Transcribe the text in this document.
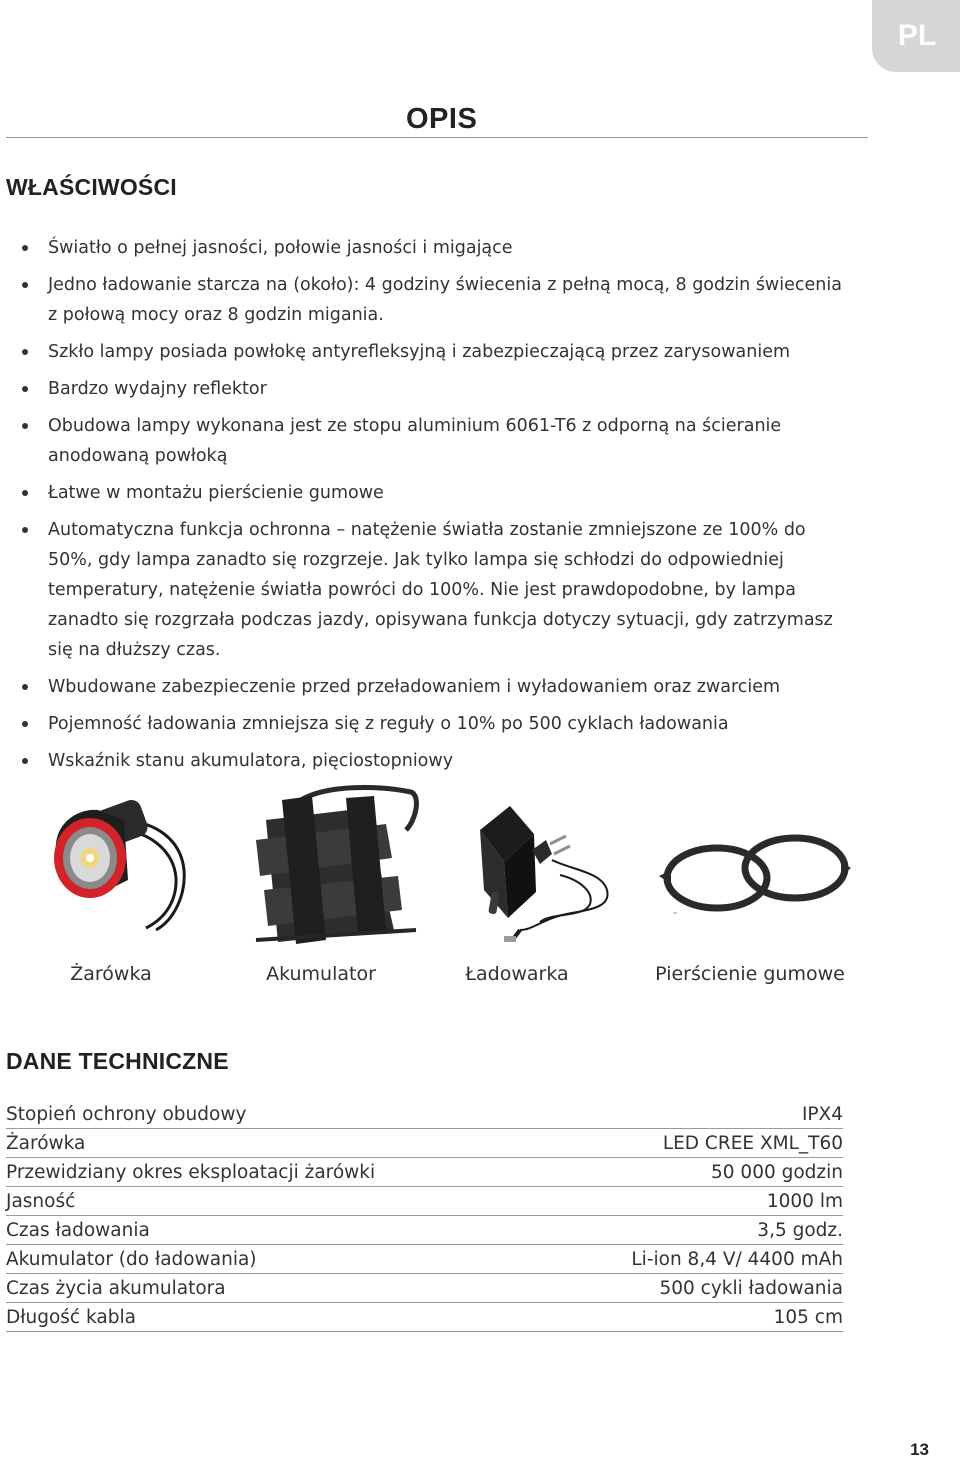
PL
OPIS
WŁAŚCIWOŚCI
Światło o pełnej jasności, połowie jasności i migające
Jedno ładowanie starcza na (około): 4 godziny świecenia z pełną mocą, 8 godzin świecenia z połową mocy oraz 8 godzin migania.
Szkło lampy posiada powłokę antyrefleksyjną i zabezpieczającą przez zarysowaniem
Bardzo wydajny reflektor
Obudowa lampy wykonana jest ze stopu aluminium 6061-T6 z odporną na ścieranie anodowaną powłoką
Łatwe w montażu pierścienie gumowe
Automatyczna funkcja ochronna – natężenie światła zostanie zmniejszone ze 100% do 50%, gdy lampa zanadto się rozgrzeje. Jak tylko lampa się schłodzi do odpowiedniej temperatury, natężenie światła powróci do 100%. Nie jest prawdopodobne, by lampa zanadto się rozgrzała podczas jazdy, opisywana funkcja dotyczy sytuacji, gdy zatrzymasz się na dłuższy czas.
Wbudowane zabezpieczenie przed przeładowaniem i wyładowaniem oraz zwarciem
Pojemność ładowania zmniejsza się z reguły o 10% po 500 cyklach ładowania
Wskaźnik stanu akumulatora, pięciostopniowy
Żarówka	Akumulator	Ładowarka	Pierścienie gumowe
DANE TECHNICZNE
Stopień ochrony obudowy	IPX4
Żarówka	LED CREE XML_T60
Przewidziany okres eksploatacji żarówki	50 000 godzin
Jasność	1000 lm
Czas ładowania	3,5 godz.
Akumulator (do ładowania)	Li-ion 8,4 V/ 4400 mAh
Czas życia akumulatora	500 cykli ładowania
Długość kabla	105 cm
13
